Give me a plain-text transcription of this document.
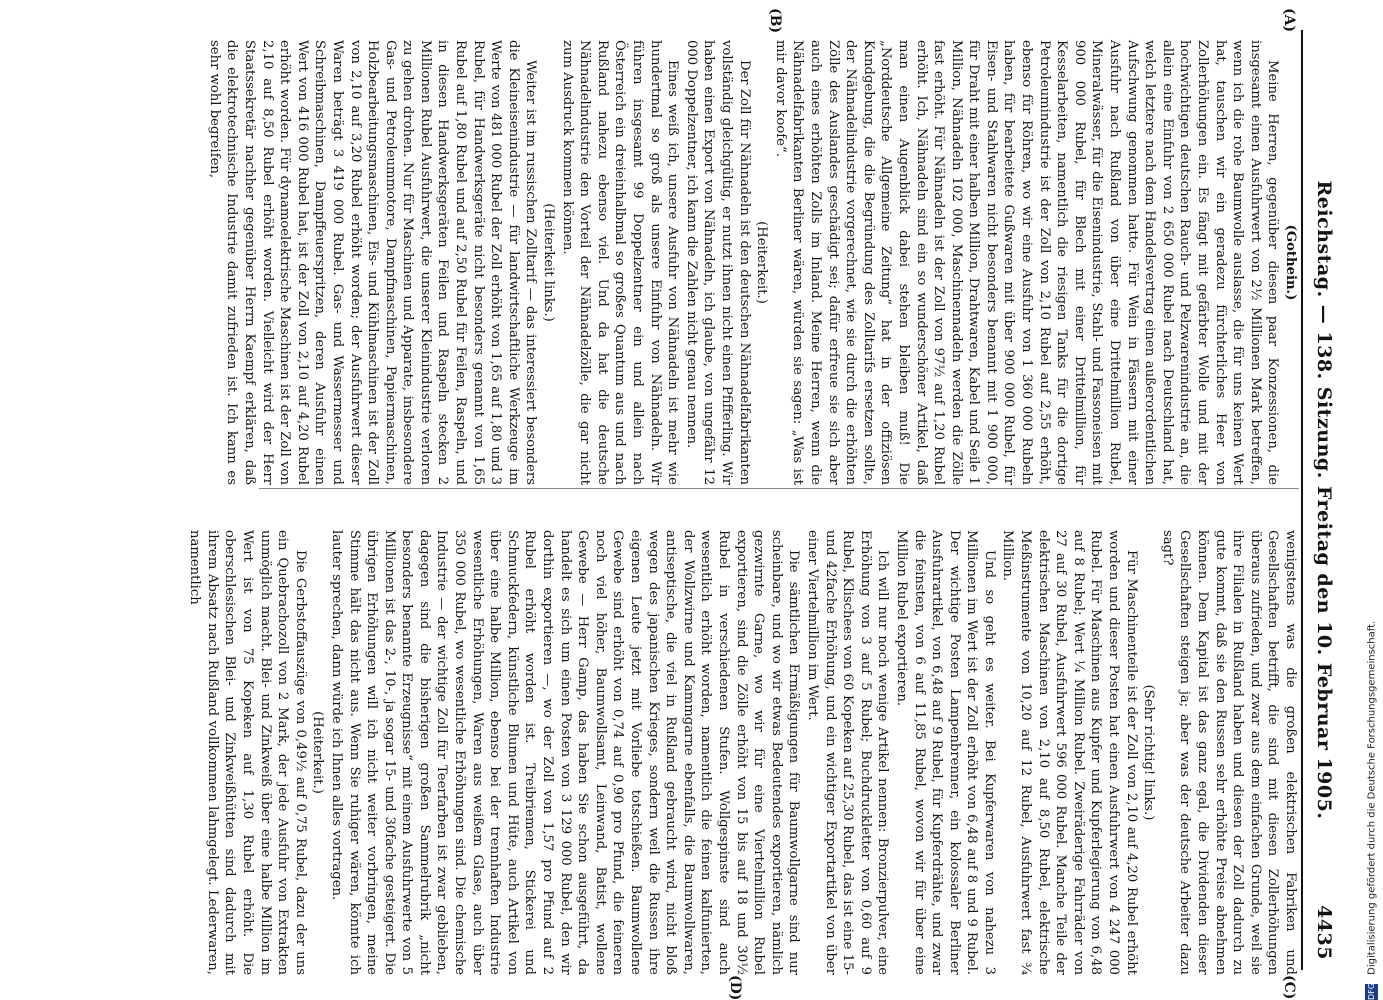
Reichstag. — 138. Sitzung. Freitag den 10. Februar 1905.
4435

wenigstens was die großen elektrischen Fabriken und Gesellschaften betrifft, die sind mit diesen Zollerhöhungen überaus zufrieden, und zwar aus dem einfachen Grunde, weil sie ihre Filialen in Rußland haben und diesen der Zoll dadurch zu gute kommt, daß sie den Russen sehr erhöhte Preise abnehmen können. Dem Kapital ist das ganz egal, die Dividenden dieser Gesellschaften steigen ja; aber was der deutsche Arbeiter dazu sagt?

(Sehr richtig! links.)

Für Maschinenteile ist der Zoll von 2,10 auf 4,20 Rubel erhöht worden und dieser Posten hat einen Ausfuhrwert von 4 247 000 Rubel. Für Maschinen aus Kupfer und Kupferlegierung von 6,48 auf 8 Rubel; Wert ¼ Million Rubel. Zweiräderige Fahrräder von 27 auf 30 Rubel, Ausfuhrwert 596 000 Rubel. Manche Teile der elektrischen Maschinen von 2,10 auf 8,50 Rubel, elektrische Meßinstrumente von 10,20 auf 12 Rubel, Ausfuhrwert fast ¾ Million.

Und so geht es weiter. Bei Kupferwaren von nahezu 3 Millionen im Wert ist der Zoll erhöht von 6,48 auf 8 und 9 Rubel. Der wichtige Posten Lampenbrenner, ein kolossaler Berliner Ausfuhrartikel, von 6,48 auf 9 Rubel, für Kupferdrähte, und zwar die feinsten, von 6 auf 11,85 Rubel, wovon wir für über eine Million Rubel exportieren.

Ich will nur noch wenige Artikel nennen: Bronzierpulver, eine Erhöhung von 3 auf 5 Rubel; Buchdruckletter von 0,60 auf 9 Rubel, Klischees von 60 Kopeken auf 25,30 Rubel, das ist eine 15- und 42fache Erhöhung, und ein wichtiger Exportartikel von über einer Viertelmillion im Wert.

Die sämtlichen Ermäßigungen für Baumwollgarne sind nur scheinbare, und wo wir etwas Bedeutendes exportieren, nämlich gezwirnte Garne, wo wir für eine Viertelmillion Rubel exportieren, sind die Zölle erhöht von 15 bis auf 18 und 30½ Rubel in verschiedenen Stufen. Wollgespinste sind auch wesentlich erhöht worden, namentlich die feinen kalfunierten, der Wollzwirne und Kammgarne ebenfalls, die Baumwollwaren, antiseptische, die viel in Rußland gebraucht wird, nicht bloß wegen des japanischen Krieges, sondern weil die Russen ihre eigenen Leute jetzt mit Vorliebe totschießen. Baumwollene Gewebe sind erhöht von 0,74 auf 0,90 pro Pfund, die feineren noch viel höher, Baumwollsamt, Leinwand, Batist, wollene Gewebe — Herr Gamp, das haben Sie schon ausgeführt, da handelt es sich um einen Posten von 3 129 000 Rubel, den wir dorthin exportieren —, wo der Zoll von 1,57 pro Pfund auf 2 Rubel erhöht worden ist. Treibriemen, Stickerei und Schmuckfedern, künstliche Blumen und Hüte, auch Artikel von über eine halbe Million, ebenso bei der trennhaften Industrie wesentliche Erhöhungen, Waren aus weißem Glase, auch über 350 000 Rubel, wo wesentliche Erhöhungen sind. Die chemische Industrie — der wichtige Zoll für Teerfarben ist zwar geblieben, dagegen sind die bisherigen großen Sammelrubrik „nicht besonders benannte Erzeugnisse“ mit einem Ausfuhrwerte von 5 Millionen ist das 2-, 10-, ja sogar 15- und 30fache gesteigert. Die übrigen Erhöhungen will ich nicht weiter vorbringen, meine Stimme hält das nicht aus. Wenn Sie ruhiger wären, könnte ich lauter sprechen, dann würde ich Ihnen alles vortragen.

(Heiterkeit.)

Die Gerbstoffauszüge von 0,49½ auf 0,75 Rubel, dazu der uns ein Quebrachozoll von 2 Mark, der jede Ausfuhr von Extrakten unmöglich macht. Blei- und Zinkweiß über eine halbe Million im Wert ist von 75 Kopeken auf 1,30 Rubel erhöht. Die oberschlesischen Blei- und Zinkweißhütten sind dadurch mit ihrem Absatz nach Rußland vollkommen lahmgelegt. Lederwaren, namentlich

(Gothein.)

Meine Herren, gegenüber diesen paar Konzessionen, die insgesamt einen Ausfuhrwert von 2½ Millionen Mark betreffen, wenn ich die rohe Baumwolle auslasse, die für uns keinen Wert hat, tauschen wir ein geradezu fürchterliches Heer von Zollerhöhungen ein. Es fängt mit gefärbter Wolle und mit der hochwichtigen deutschen Rauch- und Pelzwarenindustrie an, die allein eine Einfuhr von 2 650 000 Rubel nach Deutschland hat, welch letztere nach dem Handelsvertrag einen außerordentlichen Aufschwung genommen hatte. Für Wein in Fässern mit einer Ausfuhr nach Rußland von über eine Drittelmillion Rubel, Mineralwässer, für die Eisenindustrie, Stahl- und Fassoneisen mit 900 000 Rubel, für Blech mit einer Drittelmillion, für Kesselarbeiten, namentlich die riesigen Tanks für die dortige Petroleumindustrie ist der Zoll von 2,10 Rubel auf 2,55 erhöht, ebenso für Röhren, wo wir eine Ausfuhr von 1 360 000 Rubeln haben, für bearbeitete Gußwaren mit über 900 000 Rubel, für Eisen- und Stahlwaren nicht besonders benannt mit 1 900 000, für Draht mit einer halben Million, Drahtwaren, Kabel und Seile 1 Million, Nähnadeln 102 000, Maschinennadeln werden die Zölle fast erhöht. Für Nähnadeln ist der Zoll von 97½ auf 1,20 Rubel erhöht. Ich, Nähnadeln sind ein so wunderschöner Artikel, daß man einen Augenblick dabei stehen bleiben muß! Die „Norddeutsche Allgemeine Zeitung“ hat in der offiziösen Kundgebung, die die Begründung des Zolltarifs ersetzen sollte, der Nähnadelindustrie vorgerechnet, wie sie durch die erhöhten Zölle des Auslandes geschädigt sei; dafür erfreue sie sich aber auch eines erhöhten Zolls im Inland. Meine Herren, wenn die Nähnadelfabrikanten Berliner wären, würden sie sagen: „Was ist mir davor koofe“.

(Heiterkeit.)

Der Zoll für Nähnadeln ist den deutschen Nähnadelfabrikanten vollständig gleichgültig, er nutzt ihnen nicht einen Pfifferling. Wir haben einen Export von Nähnadeln, ich glaube, von ungefähr 12 000 Doppelzentner, ich kann die Zahlen nicht genau nennen.

Eines weiß ich, unsere Ausfuhr von Nähnadeln ist mehr wie hundertmal so groß als unsere Einfuhr von Nähnadeln. Wir führen insgesamt 99 Doppelzentner ein und allein nach Österreich ein dreieinhalbmal so großes Quantum aus und nach Rußland nahezu ebenso viel. Und da hat die deutsche Nähnadelindustrie den Vorteil der Nähnadelzölle, die gar nicht zum Ausdruck kommen können.

(Heiterkeit links.)

Weiter ist im russischen Zolltarif — das interessiert besonders die Kleineisenindustrie — für landwirtschaftliche Werkzeuge im Werte von 481 000 Rubel der Zoll erhöht von 1,65 auf 1,80 und 3 Rubel, für Handwerksgeräte nicht besonders genannt von 1,65 Rubel auf 1,80 Rubel und auf 2,50 Rubel für Feilen, Raspeln, und in diesen Handwerksgeräten Feilen und Raspeln stecken 2 Millionen Rubel Ausfuhrwert, die unserer Kleinindustrie verloren zu gehen drohen. Nur für Maschinen und Apparate, insbesondere Gas- und Petroleummotore, Dampfmaschinen, Papiermaschinen, Holzbearbeitungsmaschinen, Eis- und Kühlmaschinen ist der Zoll von 2,10 auf 3,20 Rubel erhöht worden; der Ausfuhrwert dieser Waren beträgt 3 419 000 Rubel. Gas- und Wassermesser und Schreibmaschinen, Dampffeuerspritzen, deren Ausfuhr einen Wert von 416 000 Rubel hat, ist der Zoll von 2,10 auf 4,20 Rubel erhöht worden. Für dynamoelektrische Maschinen ist der Zoll von 2,10 auf 8,50 Rubel erhöht worden. Vielleicht wird der Herr Staatssekretär nachher gegenüber Herrn Kaempf erklären, daß die elektrotechnische Industrie damit zufrieden ist. Ich kann es sehr wohl begreifen,

(A)
(B)
(C)
(D)	DFG Digitalisierung gefördert durch die Deutsche Forschungsgemeinschaft.
